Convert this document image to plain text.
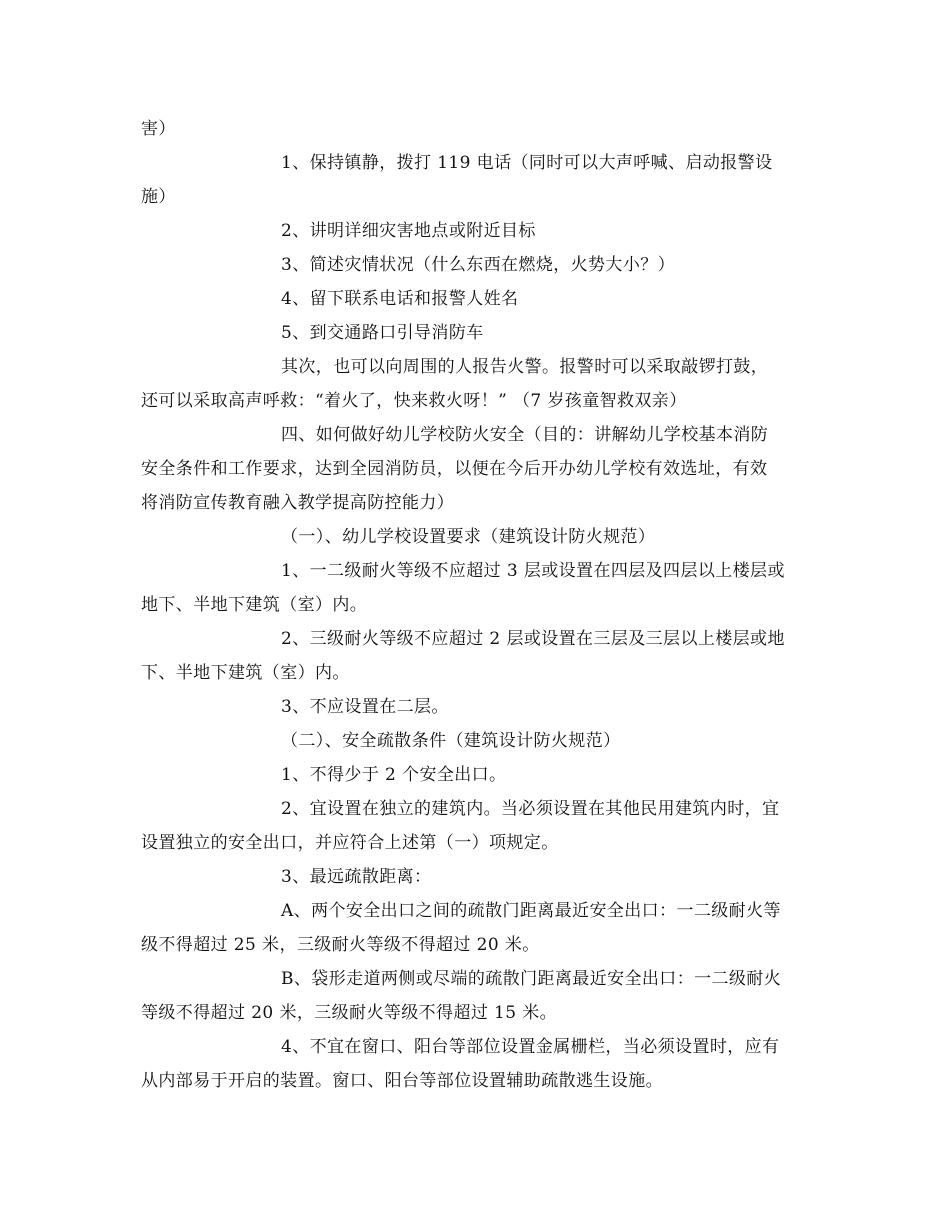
害）
1、保持镇静，拨打 119 电话（同时可以大声呼喊、启动报警设
施）
2、讲明详细灾害地点或附近目标
3、简述灾情状况（什么东西在燃烧，火势大小？）
4、留下联系电话和报警人姓名
5、到交通路口引导消防车
其次，也可以向周围的人报告火警。报警时可以采取敲锣打鼓，
还可以采取高声呼救：“着火了，快来救火呀！” （7 岁孩童智救双亲）
四、如何做好幼儿学校防火安全（目的：讲解幼儿学校基本消防
安全条件和工作要求，达到全园消防员，以便在今后开办幼儿学校有效选址，有效
将消防宣传教育融入教学提高防控能力）
（一）、幼儿学校设置要求（建筑设计防火规范）
1、一二级耐火等级不应超过 3 层或设置在四层及四层以上楼层或
地下、半地下建筑（室）内。
2、三级耐火等级不应超过 2 层或设置在三层及三层以上楼层或地
下、半地下建筑（室）内。
3、不应设置在二层。
（二）、安全疏散条件（建筑设计防火规范）
1、不得少于 2 个安全出口。
2、宜设置在独立的建筑内。当必须设置在其他民用建筑内时，宜
设置独立的安全出口，并应符合上述第（一）项规定。
3、最远疏散距离：
A、两个安全出口之间的疏散门距离最近安全出口：一二级耐火等
级不得超过 25 米，三级耐火等级不得超过 20 米。
B、袋形走道两侧或尽端的疏散门距离最近安全出口：一二级耐火
等级不得超过 20 米，三级耐火等级不得超过 15 米。
4、不宜在窗口、阳台等部位设置金属栅栏，当必须设置时，应有
从内部易于开启的装置。窗口、阳台等部位设置辅助疏散逃生设施。
